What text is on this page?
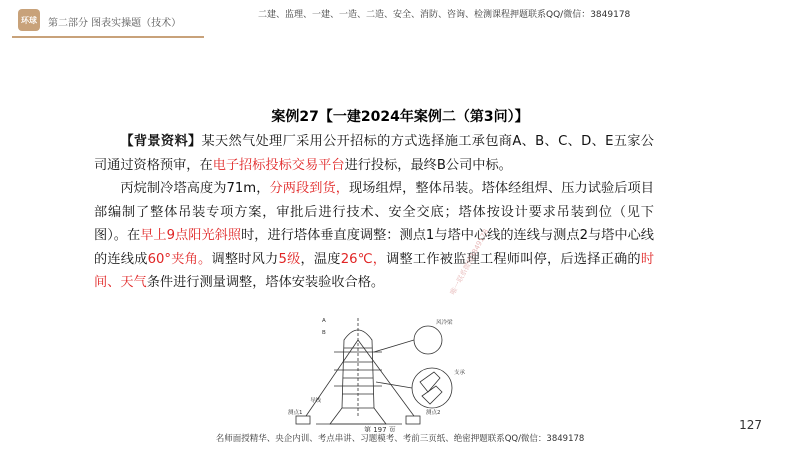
环球	第二部分 图表实操题（技术）
二建、监理、一建、一造、二造、安全、消防、咨询、检测课程押题联系QQ/微信：3849178
案例27【一建2024年案例二（第3问）】

【背景资料】某天然气处理厂采用公开招标的方式选择施工承包商A、B、C、D、E五家公司通过资格预审，在电子招标投标交易平台进行投标，最终B公司中标。

丙烷制冷塔高度为71m，分两段到货，现场组焊，整体吊装。塔体经组焊、压力试验后项目部编制了整体吊装专项方案，审批后进行技术、安全交底；塔体按设计要求吊装到位（见下图）。在早上9点阳光斜照时，进行塔体垂直度调整：测点1与塔中心线的连线与测点2与塔中心线的连线成60°夹角。调整时风力5级，温度26℃，调整工作被监理工程师叫停，后选择正确的时间、天气条件进行测量调整，塔体安装验收合格。

A
B
风冷梁
导线
支承
测点1	测点2
第 197 页
唯一联系微信3849178
名师面授精华、央企内训、考点串讲、习题模考、考前三页纸、绝密押题联系QQ/微信：3849178
127
